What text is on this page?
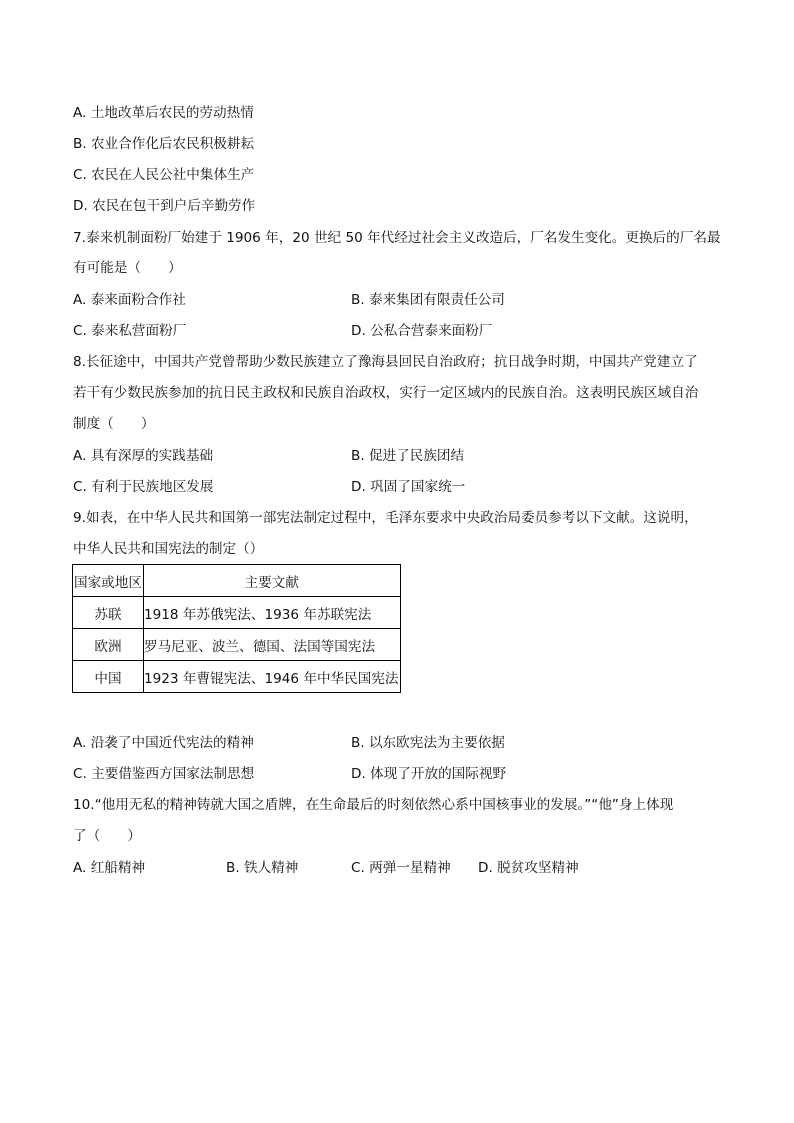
A. 土地改革后农民的劳动热情
B. 农业合作化后农民积极耕耘
C. 农民在人民公社中集体生产
D. 农民在包干到户后辛勤劳作
7.泰来机制面粉厂始建于 1906 年，20 世纪 50 年代经过社会主义改造后，厂名发生变化。更换后的厂名最
有可能是（　　）
A. 泰来面粉合作社	B. 泰来集团有限责任公司
C. 泰来私营面粉厂	D. 公私合营泰来面粉厂
8.长征途中，中国共产党曾帮助少数民族建立了豫海县回民自治政府；抗日战争时期，中国共产党建立了
若干有少数民族参加的抗日民主政权和民族自治政权，实行一定区域内的民族自治。这表明民族区域自治
制度（　　）
A. 具有深厚的实践基础	B. 促进了民族团结
C. 有利于民族地区发展	D. 巩固了国家统一
9.如表，在中华人民共和国第一部宪法制定过程中，毛泽东要求中央政治局委员参考以下文献。这说明，
中华人民共和国宪法的制定（）
国家或地区	主要文献
苏联	1918 年苏俄宪法、1936 年苏联宪法
欧洲	罗马尼亚、波兰、德国、法国等国宪法
中国	1923 年曹锟宪法、1946 年中华民国宪法
A. 沿袭了中国近代宪法的精神	B. 以东欧宪法为主要依据
C. 主要借鉴西方国家法制思想	D. 体现了开放的国际视野
10.“他用无私的精神铸就大国之盾牌，在生命最后的时刻依然心系中国核事业的发展。”“他”身上体现
了（　　）
A. 红船精神	B. 铁人精神	C. 两弹一星精神 D. 脱贫攻坚精神
